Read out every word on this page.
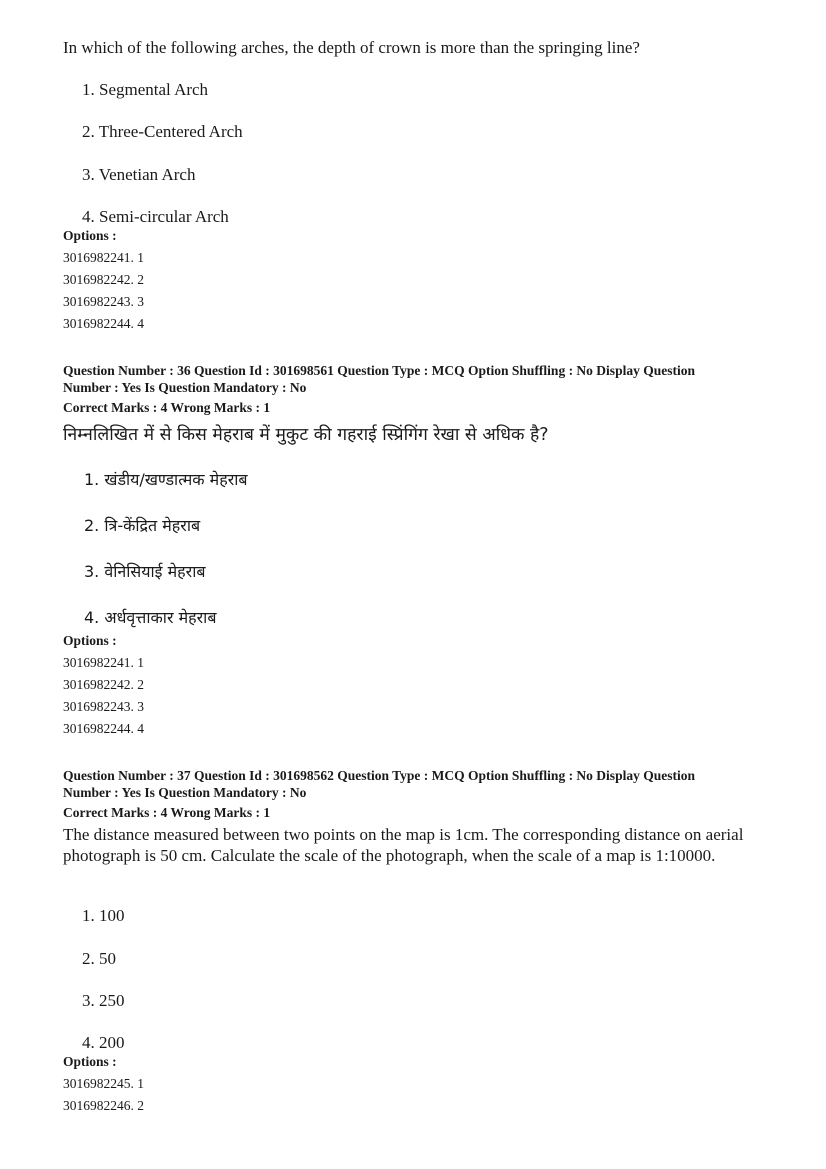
In which of the following arches, the depth of crown is more than the springing line?
1. Segmental Arch
2. Three-Centered Arch
3. Venetian Arch
4. Semi-circular Arch
Options :
3016982241. 1
3016982242. 2
3016982243. 3
3016982244. 4
Question Number : 36 Question Id : 301698561 Question Type : MCQ Option Shuffling : No Display Question
Number : Yes Is Question Mandatory : No
Correct Marks : 4 Wrong Marks : 1
निम्नलिखित में से किस मेहराब में मुकुट की गहराई स्प्रिंगिंग रेखा से अधिक है?
1. खंडीय/खण्डात्मक मेहराब
2. त्रि-केंद्रित मेहराब
3. वेनिसियाई मेहराब
4. अर्धवृत्ताकार मेहराब
Options :
3016982241. 1
3016982242. 2
3016982243. 3
3016982244. 4
Question Number : 37 Question Id : 301698562 Question Type : MCQ Option Shuffling : No Display Question
Number : Yes Is Question Mandatory : No
Correct Marks : 4 Wrong Marks : 1
The distance measured between two points on the map is 1cm. The corresponding distance on aerial photograph is 50 cm. Calculate the scale of the photograph, when the scale of a map is 1:10000.
1. 100
2. 50
3. 250
4. 200
Options :
3016982245. 1
3016982246. 2
